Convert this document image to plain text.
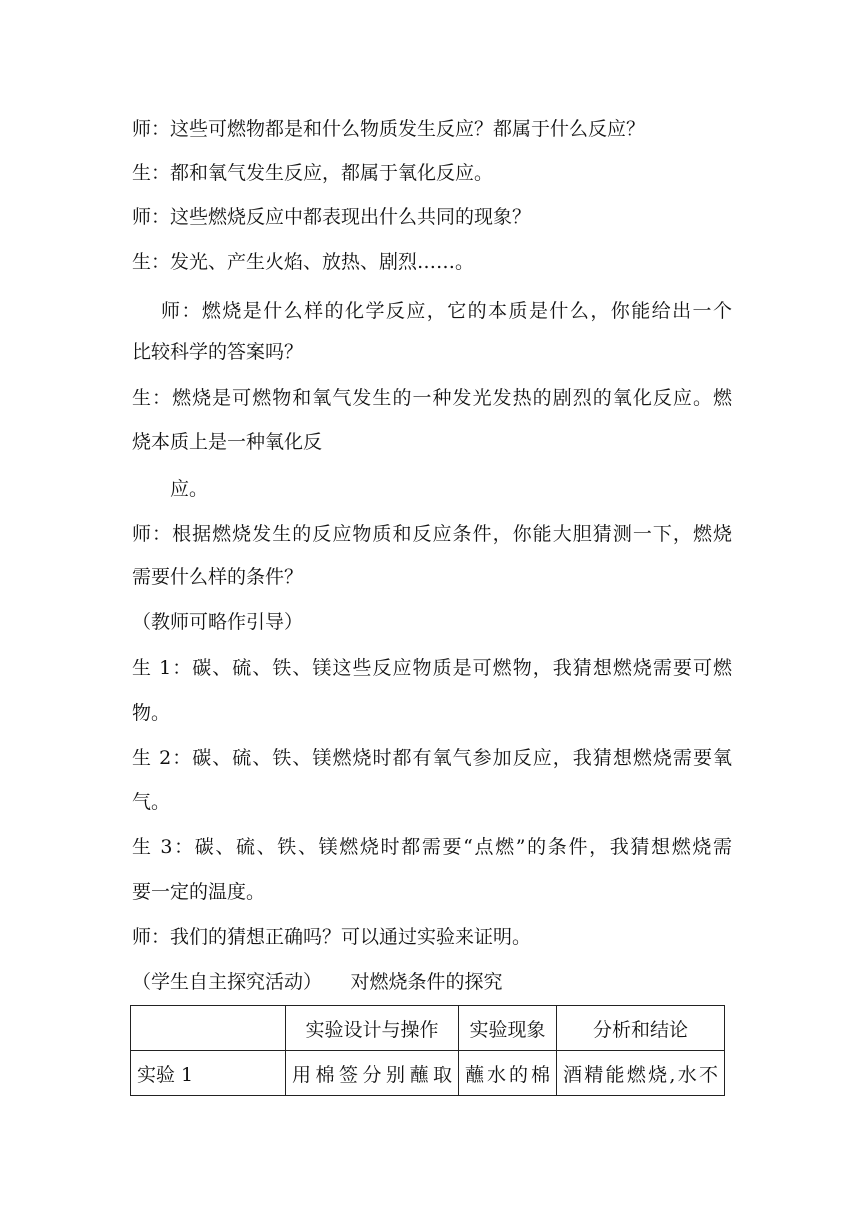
师：这些可燃物都是和什么物质发生反应？都属于什么反应？
生：都和氧气发生反应，都属于氧化反应。
师：这些燃烧反应中都表现出什么共同的现象？
生：发光、产生火焰、放热、剧烈……。
师：燃烧是什么样的化学反应，它的本质是什么，你能给出一个
比较科学的答案吗？
生：燃烧是可燃物和氧气发生的一种发光发热的剧烈的氧化反应。燃
烧本质上是一种氧化反
应。
师：根据燃烧发生的反应物质和反应条件，你能大胆猜测一下，燃烧
需要什么样的条件？
（教师可略作引导）
生 1：碳、硫、铁、镁这些反应物质是可燃物，我猜想燃烧需要可燃
物。
生 2：碳、硫、铁、镁燃烧时都有氧气参加反应，我猜想燃烧需要氧
气。
生 3：碳、硫、铁、镁燃烧时都需要“点燃”的条件，我猜想燃烧需
要一定的温度。
师：我们的猜想正确吗？可以通过实验来证明。
（学生自主探究活动）　　对燃烧条件的探究
	实验设计与操作	实验现象	分析和结论
实验 1	用棉签分别蘸取	蘸水的棉	酒精能燃烧,水不
